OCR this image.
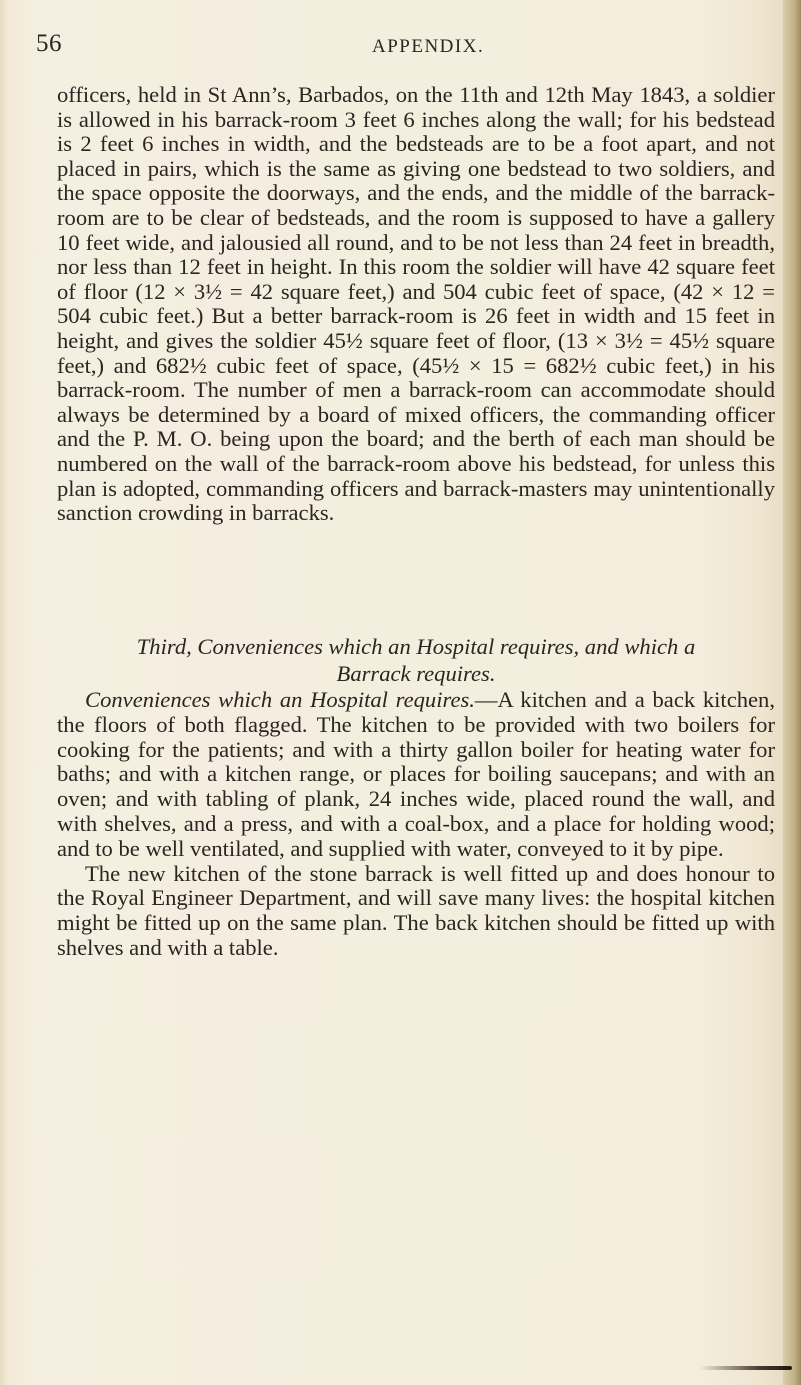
56	APPENDIX.

officers, held in St Ann’s, Barbados, on the 11th and 12th May 1843, a soldier is allowed in his barrack-room 3 feet 6 inches along the wall; for his bedstead is 2 feet 6 inches in width, and the bedsteads are to be a foot apart, and not placed in pairs, which is the same as giving one bedstead to two soldiers, and the space opposite the doorways, and the ends, and the middle of the barrack-room are to be clear of bedsteads, and the room is supposed to have a gallery 10 feet wide, and jalousied all round, and to be not less than 24 feet in breadth, nor less than 12 feet in height. In this room the soldier will have 42 square feet of floor (12 × 3½ = 42 square feet,) and 504 cubic feet of space, (42 × 12 = 504 cubic feet.) But a better barrack-room is 26 feet in width and 15 feet in height, and gives the soldier 45½ square feet of floor, (13 × 3½ = 45½ square feet,) and 682½ cubic feet of space, (45½ × 15 = 682½ cubic feet,) in his barrack-room. The number of men a barrack-room can accommodate should always be determined by a board of mixed officers, the commanding officer and the P. M. O. being upon the board; and the berth of each man should be numbered on the wall of the barrack-room above his bedstead, for unless this plan is adopted, commanding officers and barrack-masters may unintentionally sanction crowding in barracks.

Third, Conveniences which an Hospital requires, and which a
Barrack requires.

Conveniences which an Hospital requires.—A kitchen and a back kitchen, the floors of both flagged. The kitchen to be provided with two boilers for cooking for the patients; and with a thirty gallon boiler for heating water for baths; and with a kitchen range, or places for boiling saucepans; and with an oven; and with tabling of plank, 24 inches wide, placed round the wall, and with shelves, and a press, and with a coal-box, and a place for holding wood; and to be well ventilated, and supplied with water, conveyed to it by pipe.

The new kitchen of the stone barrack is well fitted up and does honour to the Royal Engineer Department, and will save many lives: the hospital kitchen might be fitted up on the same plan. The back kitchen should be fitted up with shelves and with a table.
